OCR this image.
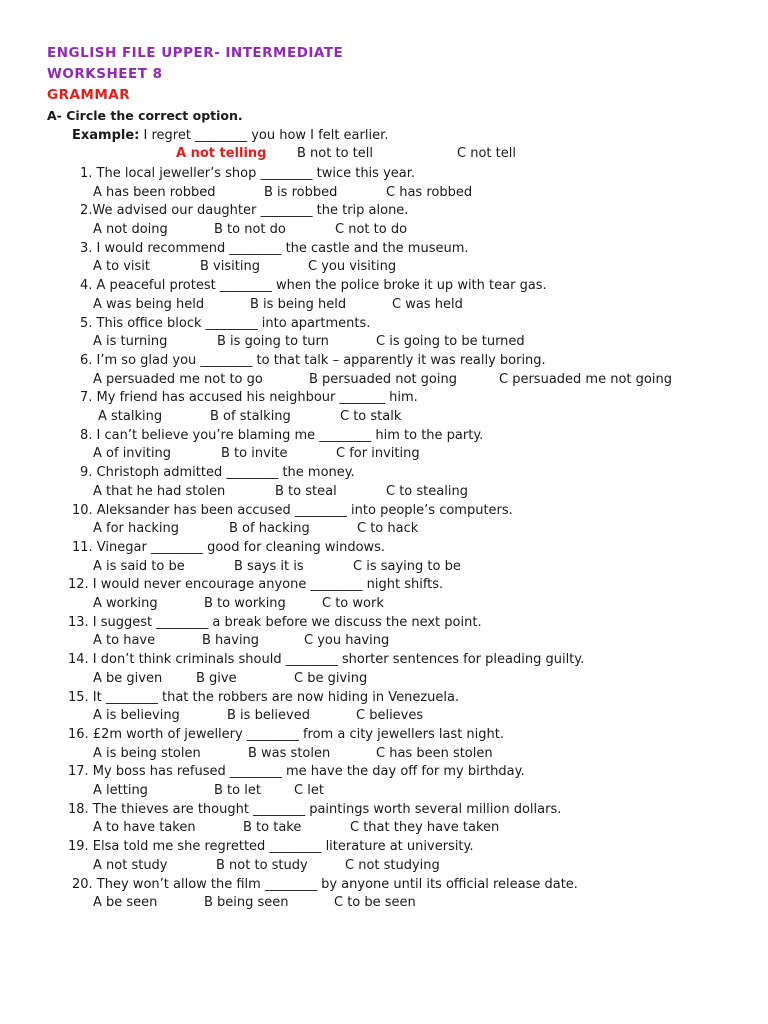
ENGLISH FILE UPPER- INTERMEDIATE
WORKSHEET 8
GRAMMAR
A- Circle the correct option.
Example: I regret ________ you how I felt earlier.
A not telling B not to tell	C not tell
1. The local jeweller’s shop ________ twice this year.
A has been robbed	B is robbed	C has robbed
2.We advised our daughter ________ the trip alone.
A not doing	B to not do	C not to do
3. I would recommend ________ the castle and the museum.
A to visit	B visiting	C you visiting
4. A peaceful protest ________ when the police broke it up with tear gas.
A was being held	B is being held	C was held
5. This office block ________ into apartments.
A is turning	B is going to turn	C is going to be turned
6. I’m so glad you ________ to that talk – apparently it was really boring.
A persuaded me not to go	B persuaded not going	C persuaded me not going
7. My friend has accused his neighbour _______ him.
A stalking	B of stalking	C to stalk
8. I can’t believe you’re blaming me ________ him to the party.
A of inviting	B to invite	C for inviting
9. Christoph admitted ________ the money.
A that he had stolen	B to steal	C to stealing
10. Aleksander has been accused ________ into people’s computers.
A for hacking	B of hacking	C to hack
11. Vinegar ________ good for cleaning windows.
A is said to be	B says it is	C is saying to be
12. I would never encourage anyone ________ night shifts.
A working	B to working	C to work
13. I suggest ________ a break before we discuss the next point.
A to have	B having	C you having
14. I don’t think criminals should ________ shorter sentences for pleading guilty.
A be given	B give	C be giving
15. It ________ that the robbers are now hiding in Venezuela.
A is believing	B is believed	C believes
16. £2m worth of jewellery ________ from a city jewellers last night.
A is being stolen	B was stolen	C has been stolen
17. My boss has refused ________ me have the day off for my birthday.
A letting	B to let	C let
18. The thieves are thought ________ paintings worth several million dollars.
A to have taken	B to take	C that they have taken
19. Elsa told me she regretted ________ literature at university.
A not study	B not to study	C not studying
20. They won’t allow the film ________ by anyone until its official release date.
A be seen	B being seen	C to be seen
